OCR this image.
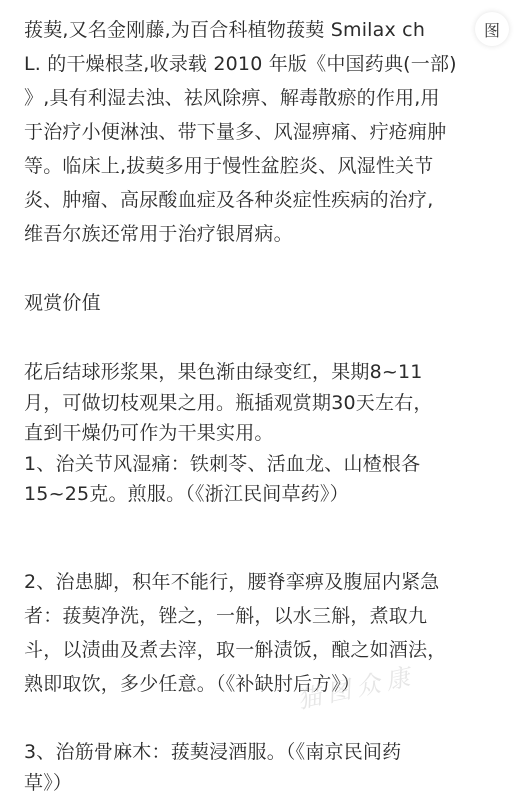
菝葜,又名金刚藤,为百合科植物菝葜 Smilax ch
L. 的干燥根茎,收录载 2010 年版《中国药典(一部)
》,具有利湿去浊、祛风除痹、解毒散瘀的作用,用
于治疗小便淋浊、带下量多、风湿痹痛、疔疮痈肿
等。临床上,拔葜多用于慢性盆腔炎、风湿性关节
炎、肿瘤、高尿酸血症及各种炎症性疾病的治疗,
维吾尔族还常用于治疗银屑病。
观赏价值
花后结球形浆果，果色渐由绿变红，果期8~11
月，可做切枝观果之用。瓶插观赏期30天左右，
直到干燥仍可作为干果实用。
1、治关节风湿痛：铁刺苓、活血龙、山楂根各
15~25克。煎服。（《浙江民间草药》）
2、治患脚，积年不能行，腰脊挛痹及腹屈内紧急
者：菝葜净洗，锉之，一斛，以水三斛，煮取九
斗，以渍曲及煮去滓，取一斛渍饭，酿之如酒法，
熟即取饮，多少任意。（《补缺肘后方》）
3、治筋骨麻木：菝葜浸酒服。（《南京民间药
草》）
图
猫图众康
